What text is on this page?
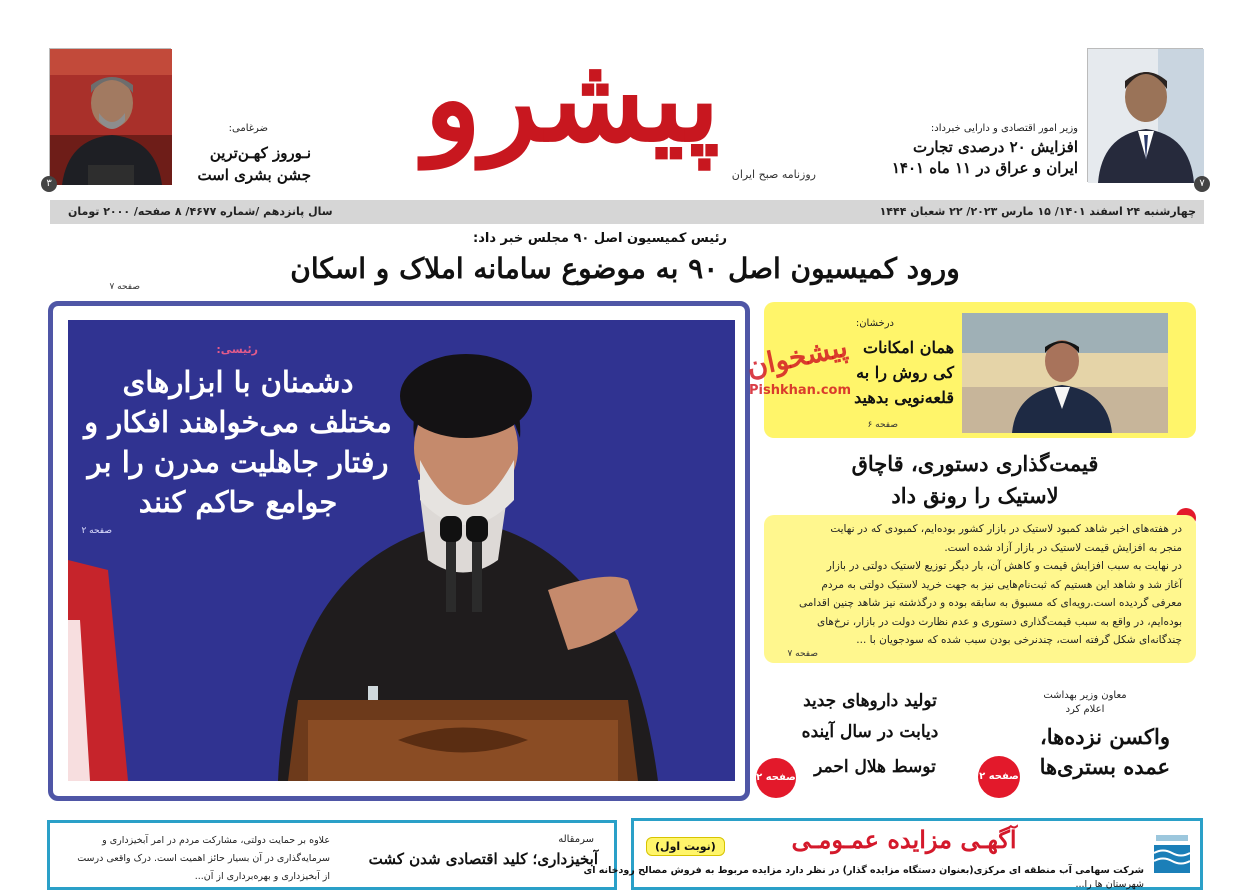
۷
وزیر امور اقتصادی و دارایی خبرداد:
افزایش ۲۰ درصدی تجارت
ایران و عراق در ۱۱ ماه ۱۴۰۱
پیشرو
روزنامه صبح ایران
ضرغامی:
نـوروز کهـن‌ترین
جشن بشری است
۳
چهارشنبه ۲۴ اسفند ۱۴۰۱/ ۱۵ مارس ۲۰۲۳/ ۲۲ شعبان ۱۴۴۴
سال پانزدهم /شماره ۴۶۷۷/ ۸ صفحه/ ۲۰۰۰ تومان
رئیس کمیسیون اصل ۹۰ مجلس خبر داد:
ورود کمیسیون اصل ۹۰ به موضوع سامانه املاک و اسکان
صفحه ۷
رئیسی:
دشمنان با ابزارهای
مختلف می‌خواهند افکار و
رفتار جاهلیت مدرن را بر
جوامع حاکم کنند
صفحه ۲
درخشان:
همان امکانات
کی روش را به
قلعه‌نویی بدهید
صفحه ۶
پیشخوان
Pishkhan.com
قیمت‌گذاری دستوری، قاچاق
لاستیک را رونق داد
در هفته‌های اخیر شاهد کمبود لاستیک در بازار کشور بوده‌ایم، کمبودی که در نهایت
منجر به افزایش قیمت لاستیک در بازار آزاد شده است.
در نهایت به سبب افزایش قیمت و کاهش آن، بار دیگر توزیع لاستیک دولتی در بازار
آغاز شد و شاهد این هستیم که ثبت‌نام‌هایی نیز به جهت خرید لاستیک دولتی به مردم
معرفی گردیده است.رویه‌ای که مسبوق به سابقه بوده و درگذشته نیز شاهد چنین اقدامی
بوده‌ایم، در واقع به سبب قیمت‌گذاری دستوری و عدم نظارت دولت در بازار، نرخ‌های
چندگانه‌ای شکل گرفته است، چندنرخی بودن سبب شده که سودجویان با ...
صفحه ۷
معاون وزیر بهداشت
اعلام کرد
واکسن نزده‌ها،
عمده بستری‌ها
صفحه ۲
تولید داروهای جدید
دیابت در سال آینده
توسط هلال احمر
صفحه ۲
سرمقاله
آبخیزداری؛ کلید اقتصادی شدن کشت
علاوه بر حمایت دولتی، مشارکت مردم در امر آبخیزداری و
سرمایه‌گذاری در آن بسیار حائز اهمیت است. درک واقعی درست
از آبخیزداری و بهره‌برداری از آن...
آگهـی مزایده عمـومـی
(نوبت اول)
شرکت سهامی آب منطقه ای مرکزی(بعنوان دستگاه مزایده گذار) در نظر دارد مزایده مربوط به فروش مصالح رودخانه ای
شهرستان ها را...
